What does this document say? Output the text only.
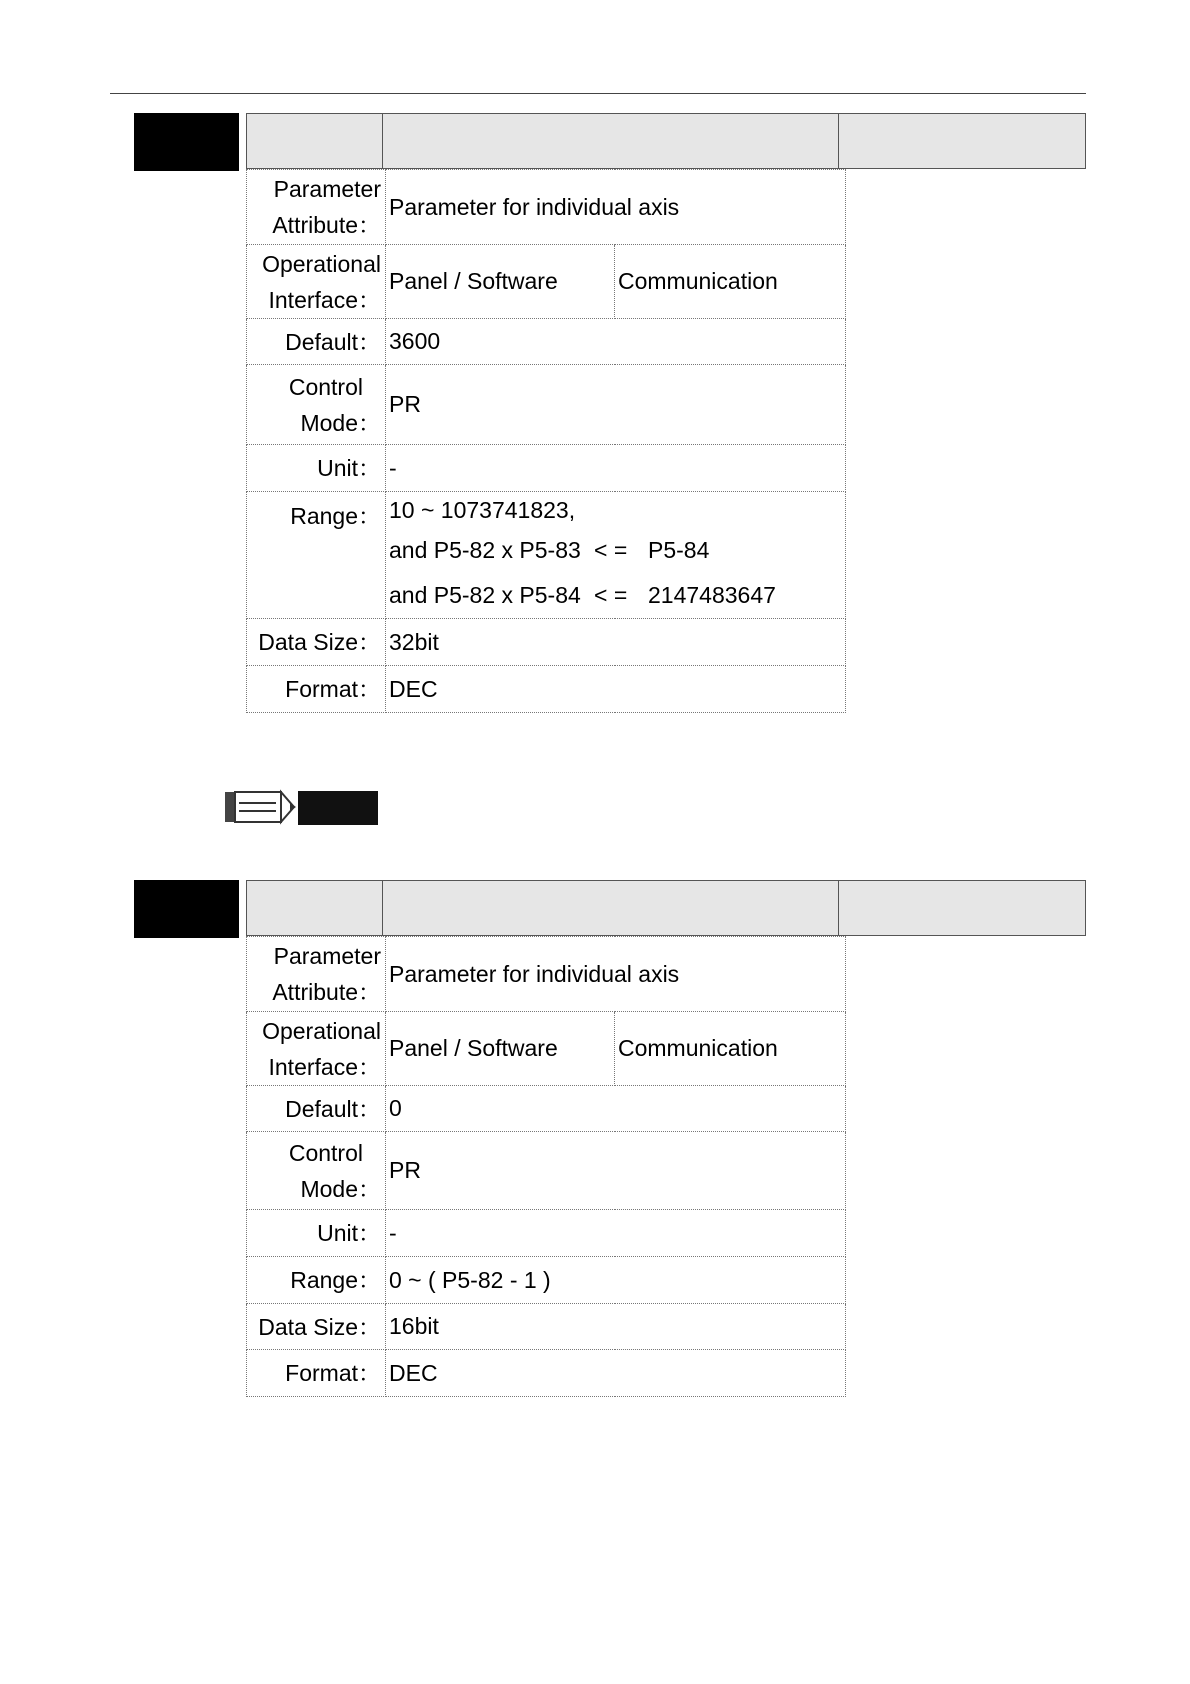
Parameter
Attribute：	Parameter for individual axis	
Operational
Interface：	Panel / Software	Communication
Default：	3600	
Control
Mode：	PR	
Unit：	-	
Range：	10 ~ 1073741823,
and P5-82 x P5-83 < = P5-84
and P5-82 x P5-84 < = 2147483647	

Data Size：	32bit	
Format：	DEC	
Parameter
Attribute：	Parameter for individual axis	
Operational
Interface：	Panel / Software	Communication
Default：	0	
Control
Mode：	PR	
Unit：	-	
Range：	0 ~ ( P5-82 - 1 )	
Data Size：	16bit	
Format：	DEC	
